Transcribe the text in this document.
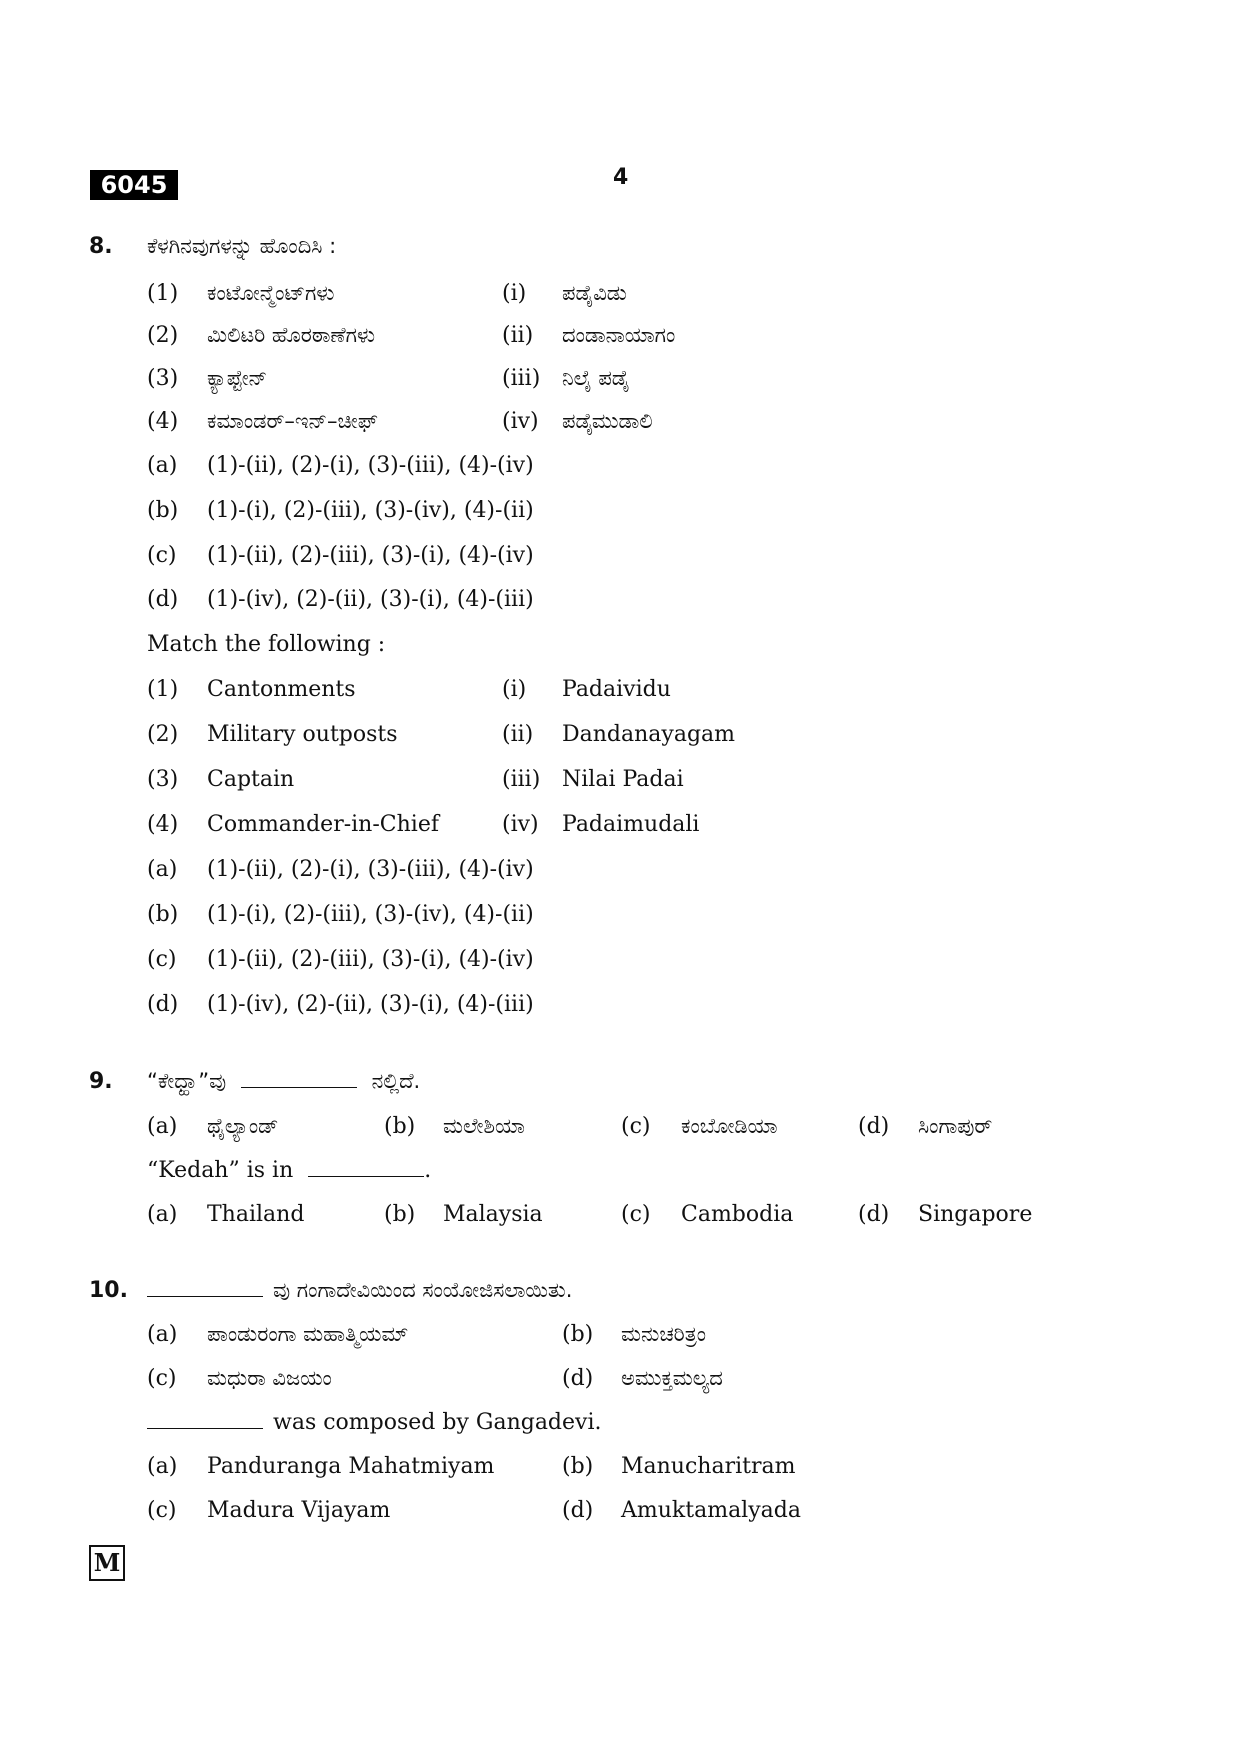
6045	4
8. ಕೆಳಗಿನವುಗಳನ್ನು ಹೊಂದಿಸಿ :
(1) ಕಂಟೋನ್ಮೆಂಟ್‌ಗಳು	(i) ಪಡೈವಿಡು
(2) ಮಿಲಿಟರಿ ಹೊರಠಾಣೆಗಳು	(ii) ದಂಡಾನಾಯಾಗಂ
(3) ಕ್ಯಾಪ್ಟೇನ್	(iii) ನಿಲೈ ಪಡೈ
(4) ಕಮಾಂಡರ್–ಇನ್–ಚೀಫ್	(iv) ಪಡೈಮುಡಾಲಿ
(a) (1)-(ii), (2)-(i), (3)-(iii), (4)-(iv)
(b) (1)-(i), (2)-(iii), (3)-(iv), (4)-(ii)
(c) (1)-(ii), (2)-(iii), (3)-(i), (4)-(iv)
(d) (1)-(iv), (2)-(ii), (3)-(i), (4)-(iii)
Match the following :
(1) Cantonments	(i) Padaividu
(2) Military outposts	(ii) Dandanayagam
(3) Captain	(iii) Nilai Padai
(4) Commander-in-Chief	(iv) Padaimudali
(a) (1)-(ii), (2)-(i), (3)-(iii), (4)-(iv)
(b) (1)-(i), (2)-(iii), (3)-(iv), (4)-(ii)
(c) (1)-(ii), (2)-(iii), (3)-(i), (4)-(iv)
(d) (1)-(iv), (2)-(ii), (3)-(i), (4)-(iii)
9. “ಕೇಧ್ಹಾ”ವು	ನಲ್ಲಿದೆ.
(a) ಥೈಲ್ಯಾಂಡ್	(b) ಮಲೇಶಿಯಾ	(c) ಕಂಬೋಡಿಯಾ	(d) ಸಿಂಗಾಪುರ್
“Kedah” is in	.
(a) Thailand	(b) Malaysia	(c) Cambodia	(d) Singapore
10.	ವು ಗಂಗಾದೇವಿಯಿಂದ ಸಂಯೋಜಿಸಲಾಯಿತು.
(a) ಪಾಂಡುರಂಗಾ ಮಹಾತ್ಮಿಯಮ್	(b) ಮನುಚರಿತ್ರಂ
(c) ಮಧುರಾ ವಿಜಯಂ	(d) ಅಮುಕ್ತಮಲ್ಯದ
was composed by Gangadevi.
(a) Panduranga Mahatmiyam	(b) Manucharitram
(c) Madura Vijayam	(d) Amuktamalyada
M
